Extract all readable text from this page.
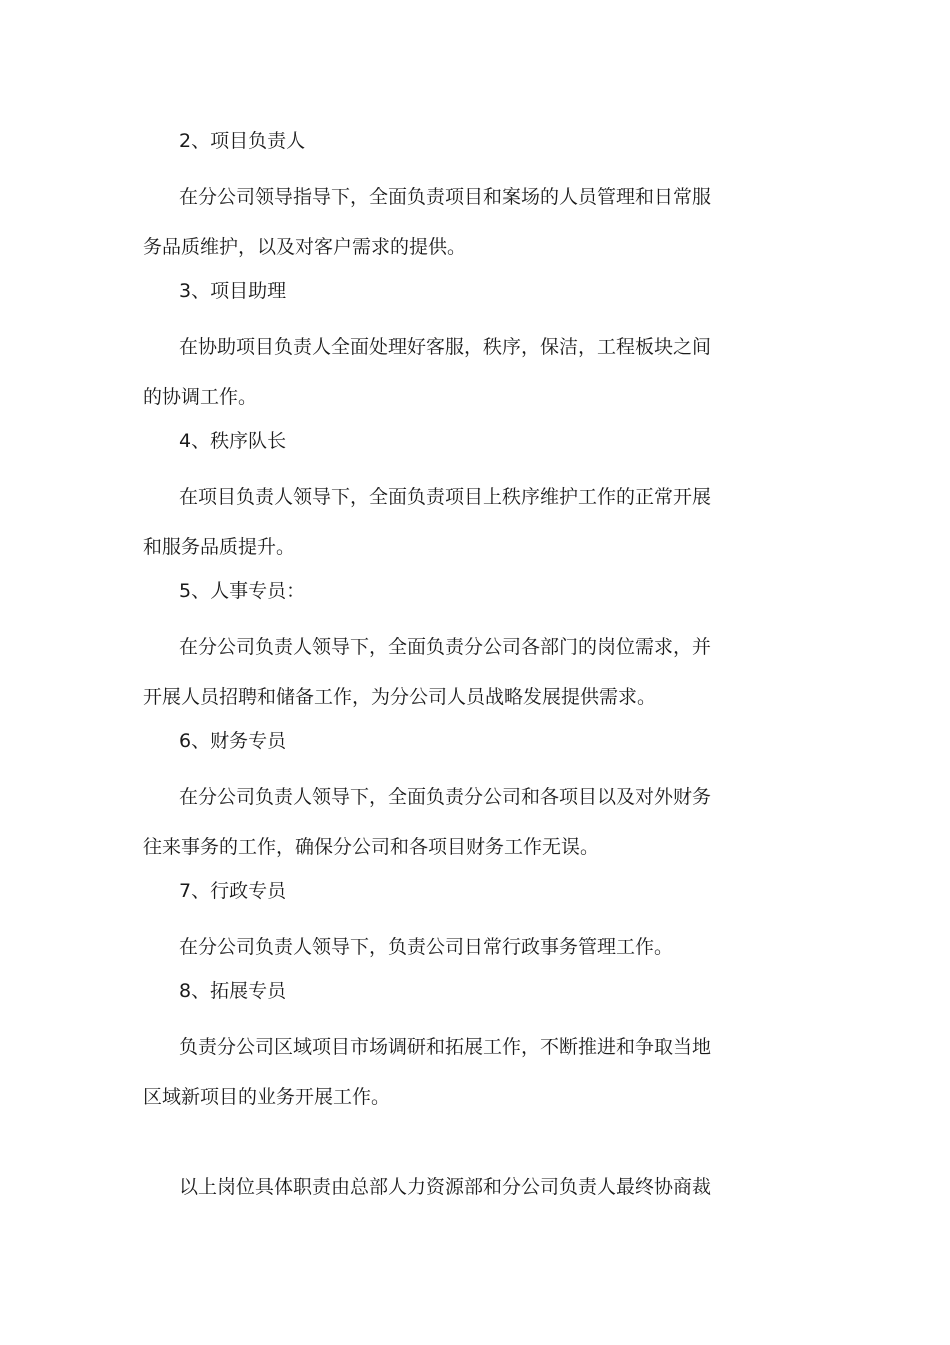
2、项目负责人
在分公司领导指导下，全面负责项目和案场的人员管理和日常服
务品质维护，以及对客户需求的提供。
3、项目助理
在协助项目负责人全面处理好客服，秩序，保洁，工程板块之间
的协调工作。
4、秩序队长
在项目负责人领导下，全面负责项目上秩序维护工作的正常开展
和服务品质提升。
5、人事专员：
在分公司负责人领导下，全面负责分公司各部门的岗位需求，并
开展人员招聘和储备工作，为分公司人员战略发展提供需求。
6、财务专员
在分公司负责人领导下，全面负责分公司和各项目以及对外财务
往来事务的工作，确保分公司和各项目财务工作无误。
7、行政专员
在分公司负责人领导下，负责公司日常行政事务管理工作。
8、拓展专员
负责分公司区域项目市场调研和拓展工作，不断推进和争取当地
区域新项目的业务开展工作。
以上岗位具体职责由总部人力资源部和分公司负责人最终协商裁
